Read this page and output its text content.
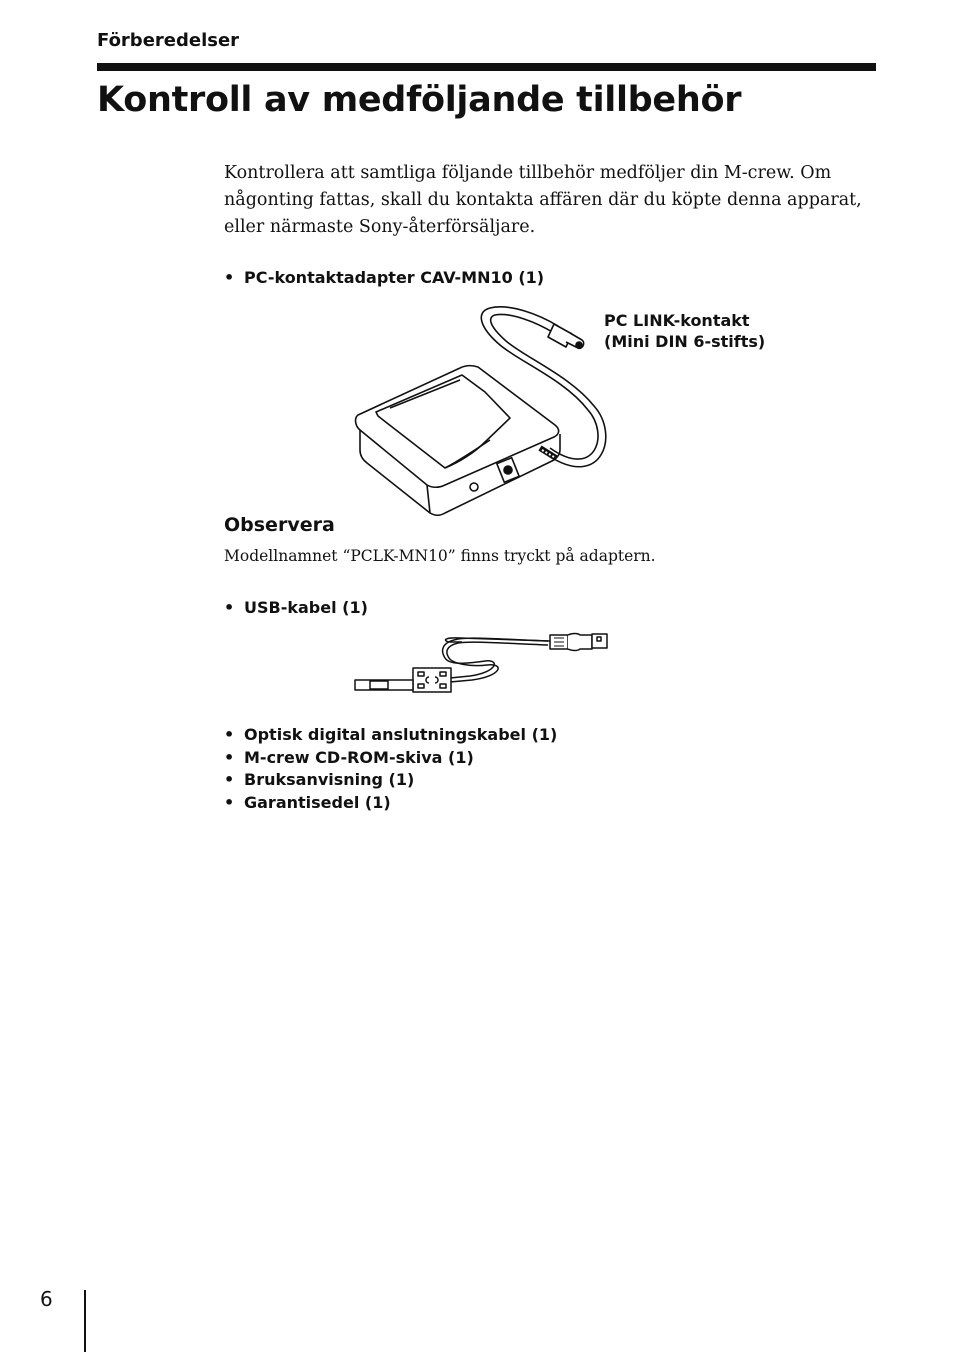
Förberedelser
Kontroll av medföljande tillbehör

Kontrollera att samtliga följande tillbehör medföljer din M-crew. Om någonting fattas, skall du kontakta affären där du köpte denna apparat, eller närmaste Sony-återförsäljare.

• PC-kontaktadapter CAV-MN10 (1)
PC LINK-kontakt
(Mini DIN 6-stifts)
Observera

Modellnamnet “PCLK-MN10” finns tryckt på adaptern.

• USB-kabel (1)
• Optisk digital anslutningskabel (1)
• M-crew CD-ROM-skiva (1)
• Bruksanvisning (1)
• Garantisedel (1)
6
